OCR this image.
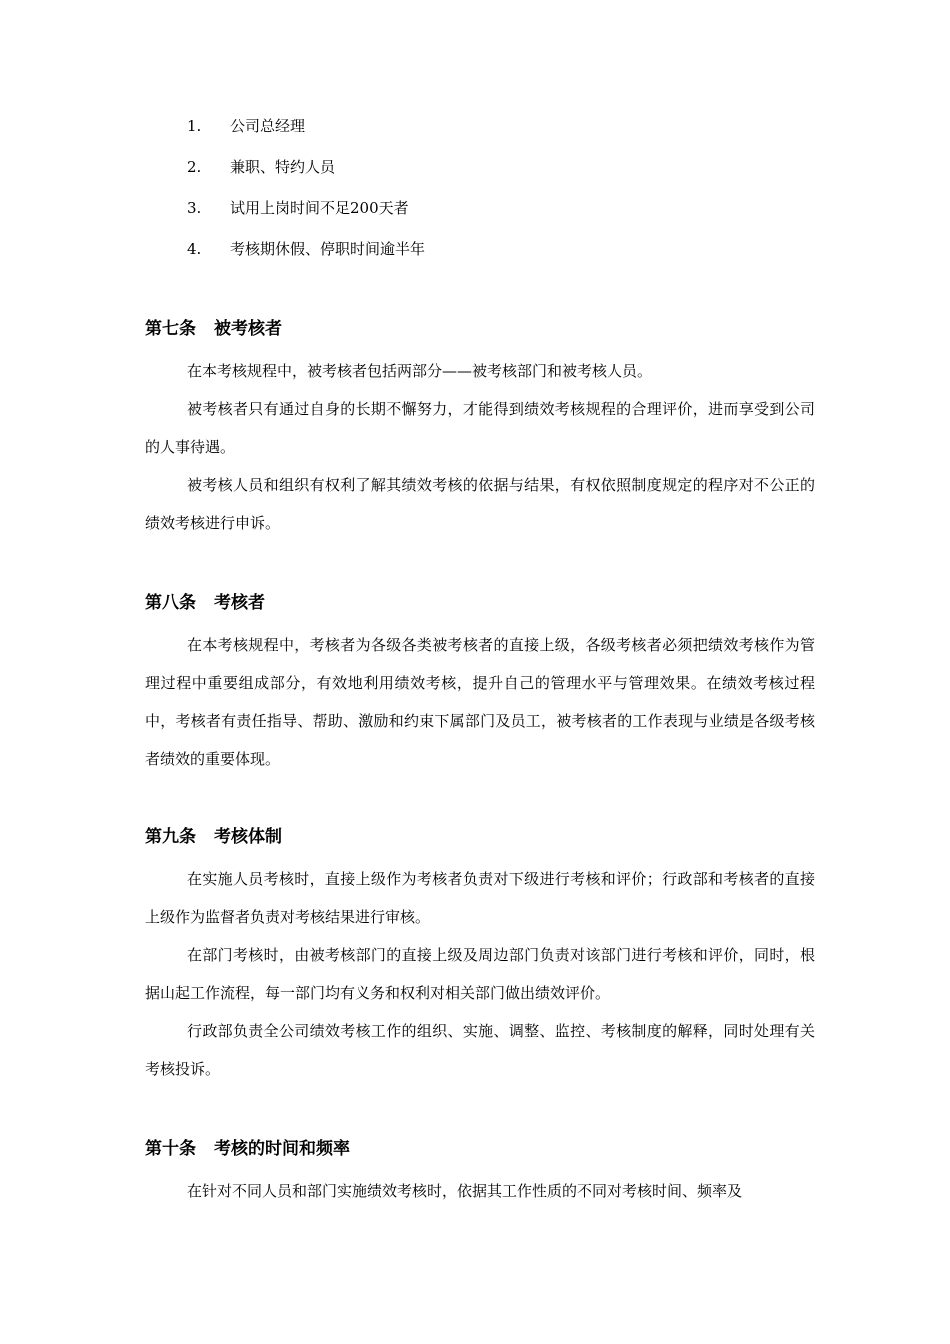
1. 公司总经理
2. 兼职、特约人员
3. 试用上岗时间不足200天者
4. 考核期休假、停职时间逾半年
第七条 被考核者

在本考核规程中，被考核者包括两部分——被考核部门和被考核人员。

被考核者只有通过自身的长期不懈努力，才能得到绩效考核规程的合理评价，进而享受到公司的人事待遇。

被考核人员和组织有权利了解其绩效考核的依据与结果，有权依照制度规定的程序对不公正的绩效考核进行申诉。

第八条 考核者

在本考核规程中，考核者为各级各类被考核者的直接上级，各级考核者必须把绩效考核作为管理过程中重要组成部分，有效地利用绩效考核，提升自己的管理水平与管理效果。在绩效考核过程中，考核者有责任指导、帮助、激励和约束下属部门及员工，被考核者的工作表现与业绩是各级考核者绩效的重要体现。

第九条 考核体制

在实施人员考核时，直接上级作为考核者负责对下级进行考核和评价；行政部和考核者的直接上级作为监督者负责对考核结果进行审核。

在部门考核时，由被考核部门的直接上级及周边部门负责对该部门进行考核和评价，同时，根据山起工作流程，每一部门均有义务和权利对相关部门做出绩效评价。

行政部负责全公司绩效考核工作的组织、实施、调整、监控、考核制度的解释，同时处理有关考核投诉。

第十条 考核的时间和频率

在针对不同人员和部门实施绩效考核时，依据其工作性质的不同对考核时间、频率及
